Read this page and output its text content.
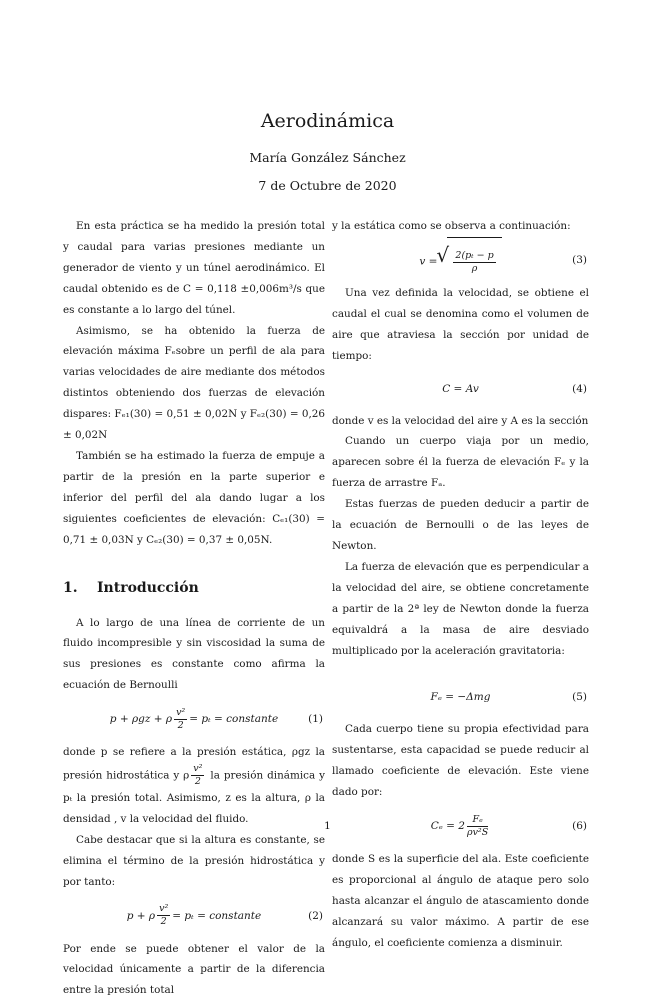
Aerodinámica
María González Sánchez
7 de Octubre de 2020

En esta práctica se ha medido la presión total y caudal para varias presiones mediante un generador de viento y un túnel aerodinámico. El caudal obtenido es de C = 0,118 ±0,006m³/s que es constante a lo largo del túnel.

Asimismo, se ha obtenido la fuerza de elevación máxima Fₑsobre un perfil de ala para varias velocidades de aire mediante dos métodos distintos obteniendo dos fuerzas de elevación dispares: Fₑ₁(30) = 0,51 ± 0,02N y Fₑ₂(30) = 0,26 ± 0,02N

También se ha estimado la fuerza de empuje a partir de la presión en la parte superior e inferior del perfil del ala dando lugar a los siguientes coeficientes de elevación: Cₑ₁(30) = 0,71 ± 0,03N y Cₑ₂(30) = 0,37 ± 0,05N.

1. Introducción

A lo largo de una línea de corriente de un fluido incompresible y sin viscosidad la suma de sus presiones es constante como afirma la ecuación de Bernoulli

p + ρgz + ρ $\frac{\text{v²}}{2} = p_t$ = constante	(1)

donde p se refiere a la presión estática, ρgz la presión hidrostática y ρ $\frac{\text{v²}}{2}$ la presión dinámica y pₜ la presión total. Asimismo, z es la altura, ρ la densidad , v la velocidad del fluido.

Cabe destacar que si la altura es constante, se elimina el término de la presión hidrostática y por tanto:

p + ρ $\frac{\text{v²}}{2} = p_t$ = constante	(2)

Por ende se puede obtener el valor de la velocidad únicamente a partir de la diferencia entre la presión total

y la estática como se observa a continuación:

v =
√ $\frac{\text{2(pₜ − p}}{\rho}$	(3)

Una vez definida la velocidad, se obtiene el caudal el cual se denomina como el volumen de aire que atraviesa la sección por unidad de tiempo:

C = Av	(4)

donde v es la velocidad del aire y A es la sección

Cuando un cuerpo viaja por un medio, aparecen sobre él la fuerza de elevación Fₑ y la fuerza de arrastre Fₐ.

Estas fuerzas de pueden deducir a partir de la ecuación de Bernoulli o de las leyes de Newton.

La fuerza de elevación que es perpendicular a la velocidad del aire, se obtiene concretamente a partir de la 2ª ley de Newton donde la fuerza equivaldrá a la masa de aire desviado multiplicado por la aceleración gravitatoria:

Fₑ = −Δmg	(5)

Cada cuerpo tiene su propia efectividad para sustentarse, esta capacidad se puede reducir al llamado coeficiente de elevación. Este viene dado por:

$C_e = 2 \frac{\text{Fₑ}}{\text{ρv²S}}$	(6)

donde S es la superficie del ala. Este coeficiente es proporcional al ángulo de ataque pero solo hasta alcanzar el ángulo de atascamiento donde alcanzará su valor máximo. A partir de ese ángulo, el coeficiente comienza a disminuir.

1
